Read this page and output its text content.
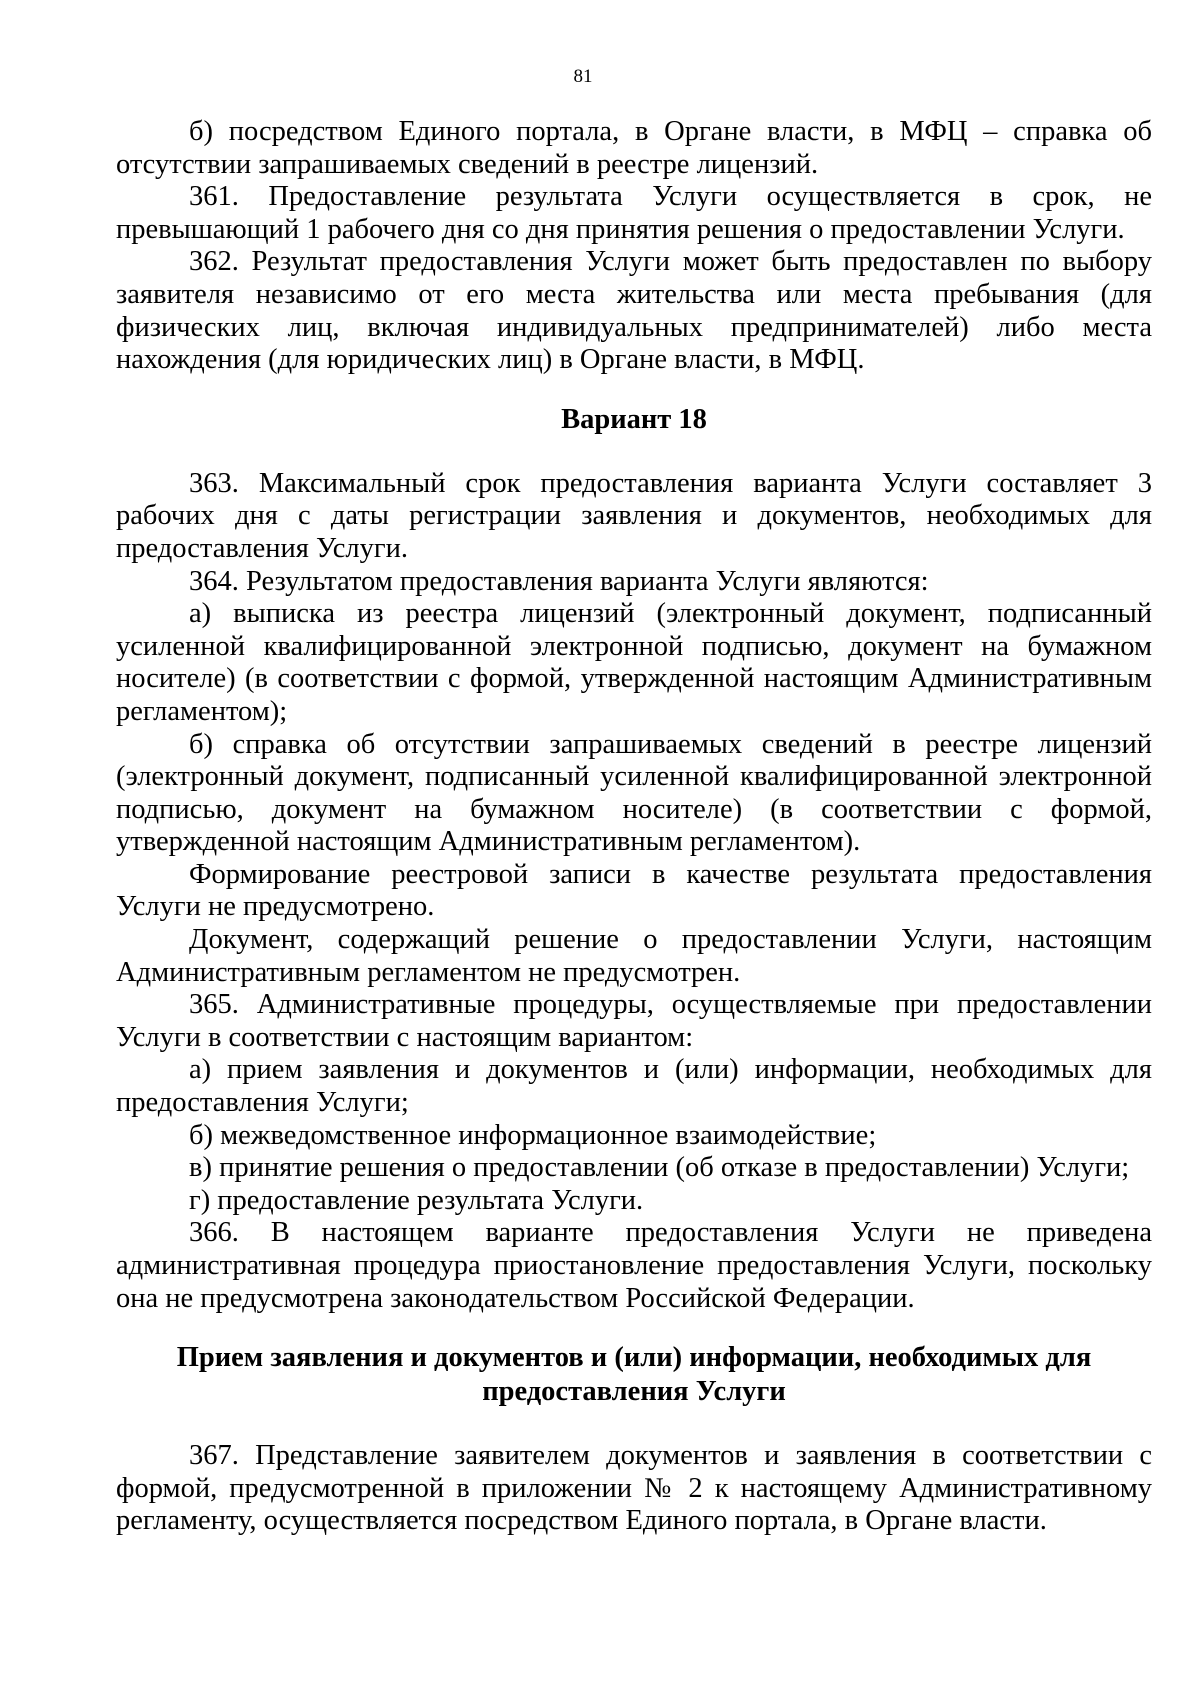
81

б) посредством Единого портала, в Органе власти, в МФЦ – справка об отсутствии запрашиваемых сведений в реестре лицензий.

361. Предоставление результата Услуги осуществляется в срок, не превышающий 1 рабочего дня со дня принятия решения о предоставлении Услуги.

362. Результат предоставления Услуги может быть предоставлен по выбору заявителя независимо от его места жительства или места пребывания (для физических лиц, включая индивидуальных предпринимателей) либо места нахождения (для юридических лиц) в Органе власти, в МФЦ.

Вариант 18

363. Максимальный срок предоставления варианта Услуги составляет 3 рабочих дня с даты регистрации заявления и документов, необходимых для предоставления Услуги.

364. Результатом предоставления варианта Услуги являются:

а) выписка из реестра лицензий (электронный документ, подписанный усиленной квалифицированной электронной подписью, документ на бумажном носителе) (в соответствии с формой, утвержденной настоящим Административным регламентом);

б) справка об отсутствии запрашиваемых сведений в реестре лицензий (электронный документ, подписанный усиленной квалифицированной электронной подписью, документ на бумажном носителе) (в соответствии с формой, утвержденной настоящим Административным регламентом).

Формирование реестровой записи в качестве результата предоставления Услуги не предусмотрено.

Документ, содержащий решение о предоставлении Услуги, настоящим Административным регламентом не предусмотрен.

365. Административные процедуры, осуществляемые при предоставлении Услуги в соответствии с настоящим вариантом:

а) прием заявления и документов и (или) информации, необходимых для предоставления Услуги;

б) межведомственное информационное взаимодействие;

в) принятие решения о предоставлении (об отказе в предоставлении) Услуги;

г) предоставление результата Услуги.

366. В настоящем варианте предоставления Услуги не приведена административная процедура приостановление предоставления Услуги, поскольку она не предусмотрена законодательством Российской Федерации.

Прием заявления и документов и (или) информации, необходимых для
предоставления Услуги

367. Представление заявителем документов и заявления в соответствии с формой, предусмотренной в приложении № 2 к настоящему Административному регламенту, осуществляется посредством Единого портала, в Органе власти.
